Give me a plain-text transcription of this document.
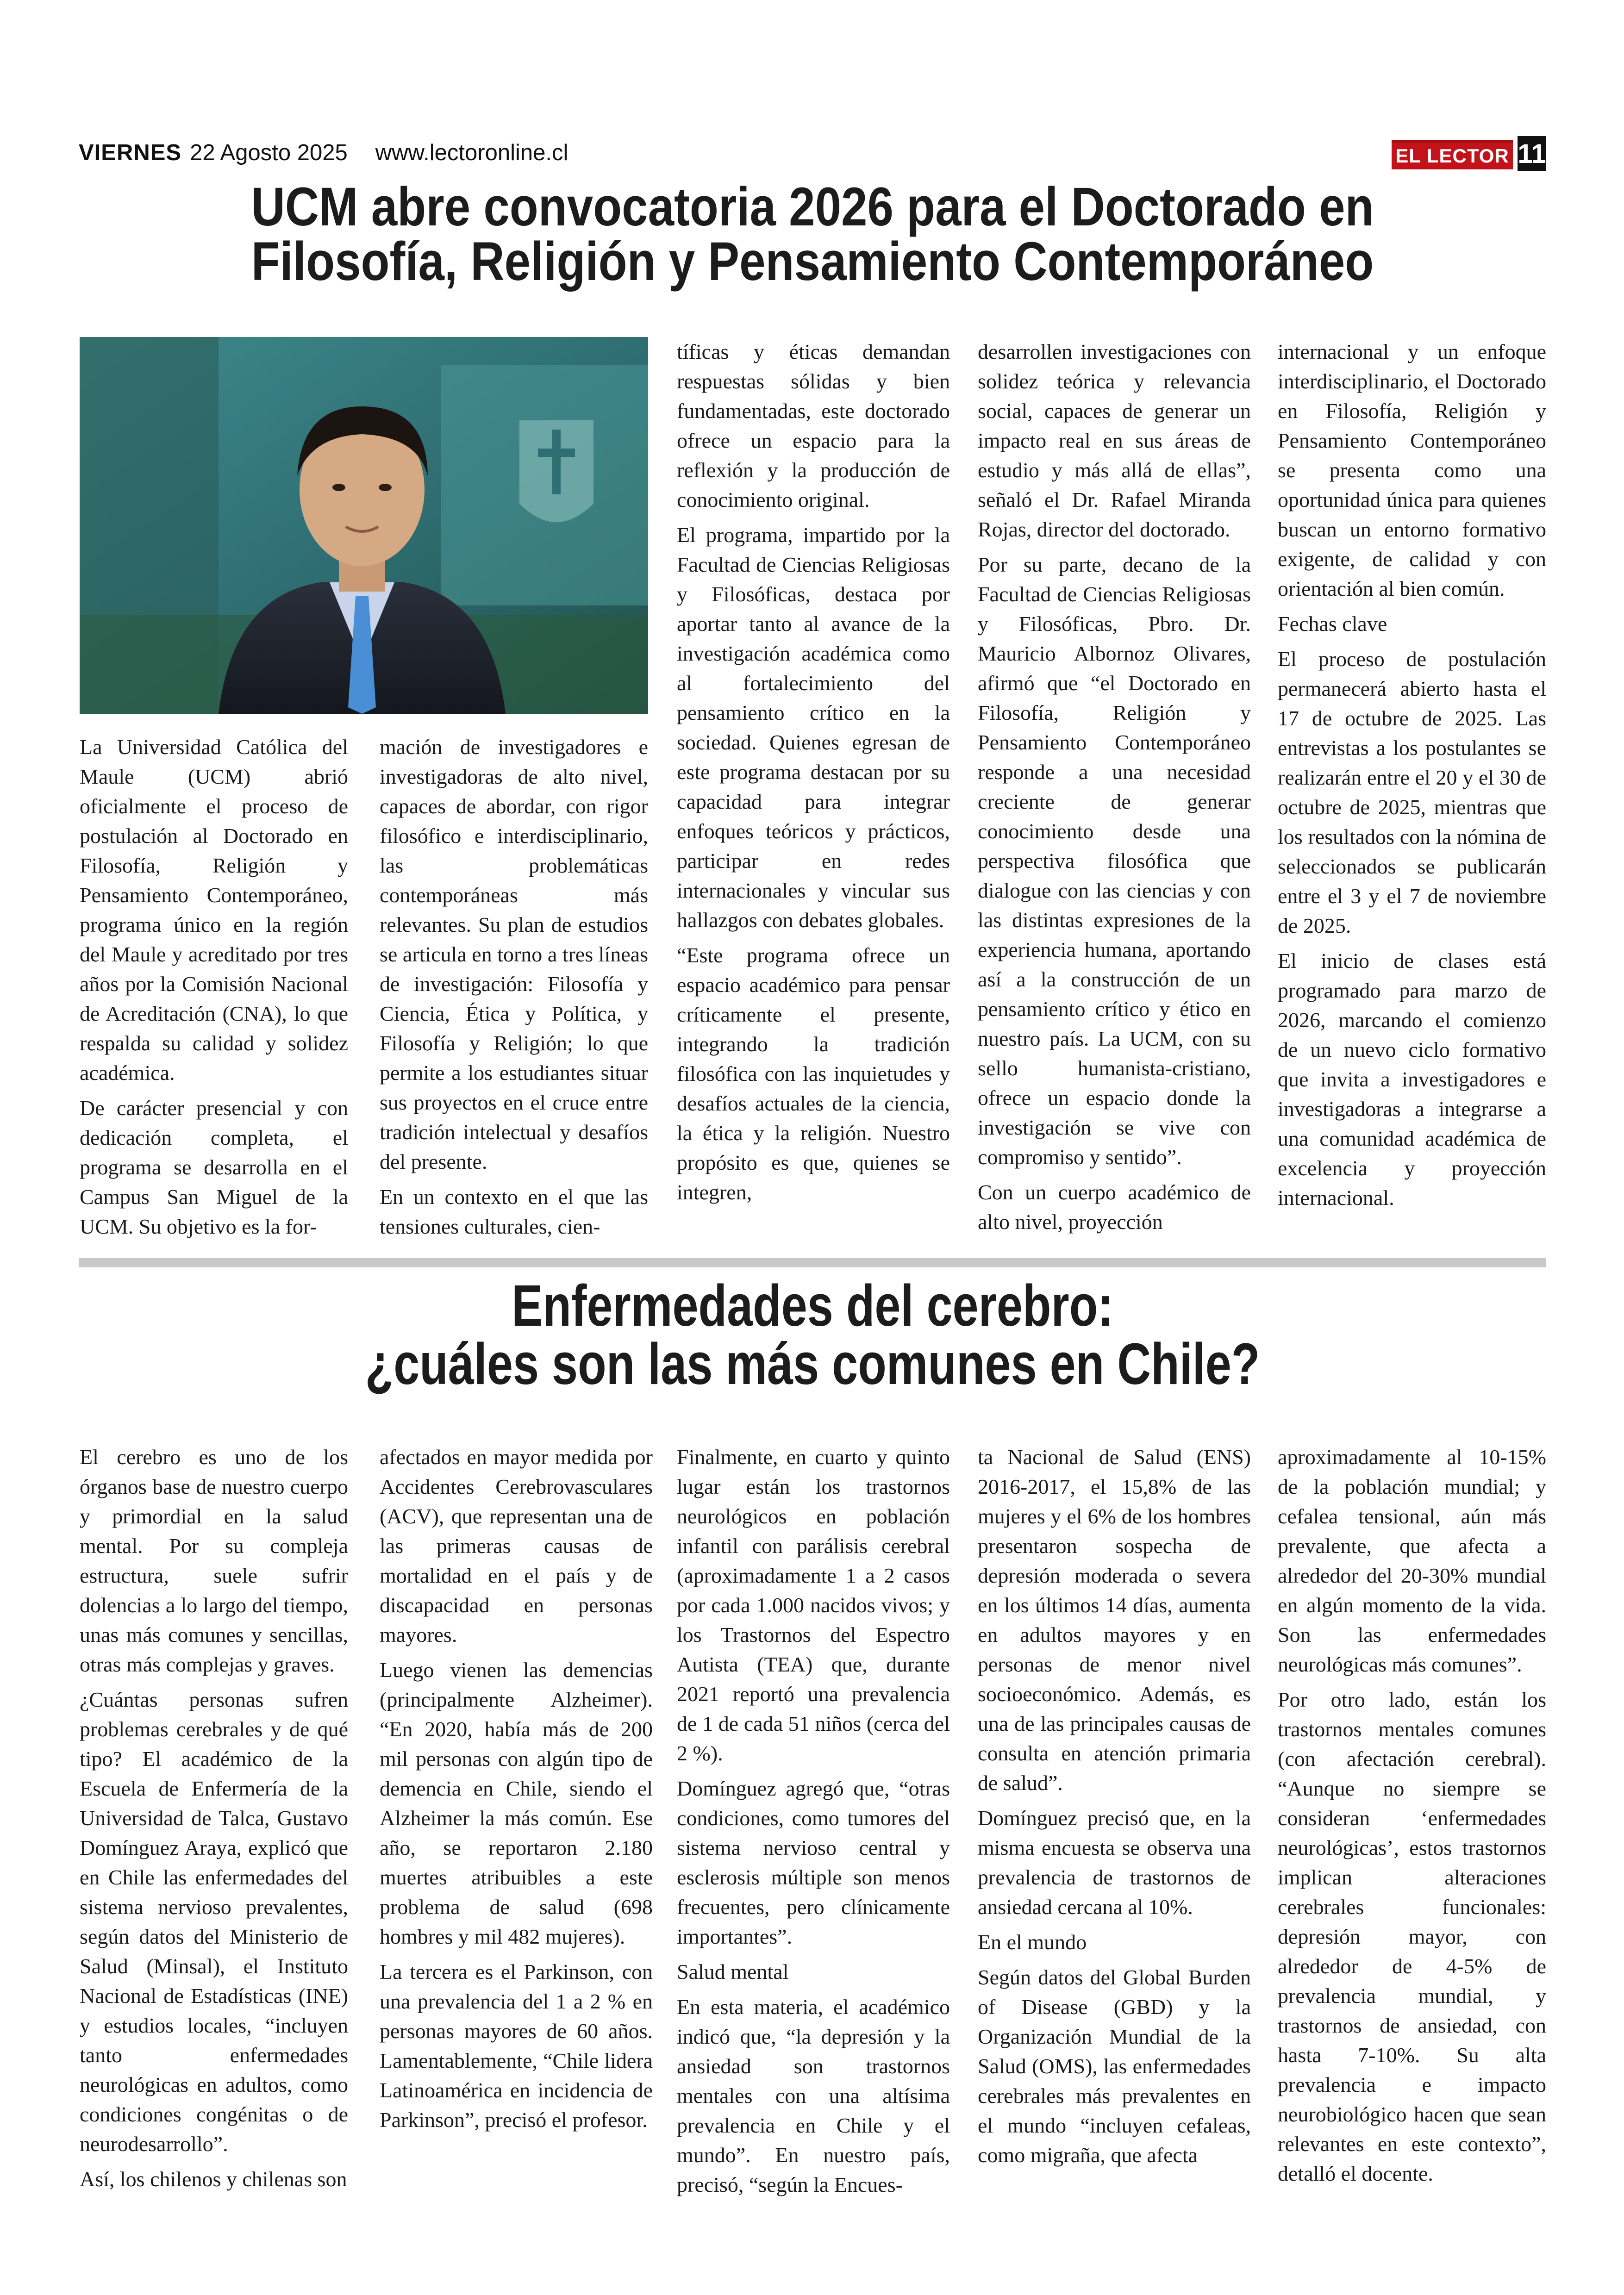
VIERNES 22 Agosto 2025 www.lectoronline.cl	EL LECTOR 11
UCM abre convocatoria 2026 para el Doctorado en
Filosofía, Religión y Pensamiento Contemporáneo

La Universidad Católica del Maule (UCM) abrió oficialmente el proceso de postulación al Doctorado en Filosofía, Religión y Pensamiento Contemporáneo, programa único en la región del Maule y acreditado por tres años por la Comisión Nacional de Acreditación (CNA), lo que respalda su calidad y solidez académica.

De carácter presencial y con dedicación completa, el programa se desarrolla en el Campus San Miguel de la UCM. Su objetivo es la for-

mación de investigadores e investigadoras de alto nivel, capaces de abordar, con rigor filosófico e interdisciplinario, las problemáticas contemporáneas más relevantes. Su plan de estudios se articula en torno a tres líneas de investigación: Filosofía y Ciencia, Ética y Política, y Filosofía y Religión; lo que permite a los estudiantes situar sus proyectos en el cruce entre tradición intelectual y desafíos del presente.

En un contexto en el que las tensiones culturales, cien-

tíficas y éticas demandan respuestas sólidas y bien fundamentadas, este doctorado ofrece un espacio para la reflexión y la producción de conocimiento original.

El programa, impartido por la Facultad de Ciencias Religiosas y Filosóficas, destaca por aportar tanto al avance de la investigación académica como al fortalecimiento del pensamiento crítico en la sociedad. Quienes egresan de este programa destacan por su capacidad para integrar enfoques teóricos y prácticos, participar en redes internacionales y vincular sus hallazgos con debates globales.

“Este programa ofrece un espacio académico para pensar críticamente el presente, integrando la tradición filosófica con las inquietudes y desafíos actuales de la ciencia, la ética y la religión. Nuestro propósito es que, quienes se integren,

desarrollen investigaciones con solidez teórica y relevancia social, capaces de generar un impacto real en sus áreas de estudio y más allá de ellas”, señaló el Dr. Rafael Miranda Rojas, director del doctorado.

Por su parte, decano de la Facultad de Ciencias Religiosas y Filosóficas, Pbro. Dr. Mauricio Albornoz Olivares, afirmó que “el Doctorado en Filosofía, Religión y Pensamiento Contemporáneo responde a una necesidad creciente de generar conocimiento desde una perspectiva filosófica que dialogue con las ciencias y con las distintas expresiones de la experiencia humana, aportando así a la construcción de un pensamiento crítico y ético en nuestro país. La UCM, con su sello humanista-cristiano, ofrece un espacio donde la investigación se vive con compromiso y sentido”.

Con un cuerpo académico de alto nivel, proyección

internacional y un enfoque interdisciplinario, el Doctorado en Filosofía, Religión y Pensamiento Contemporáneo se presenta como una oportunidad única para quienes buscan un entorno formativo exigente, de calidad y con orientación al bien común.

Fechas clave

El proceso de postulación permanecerá abierto hasta el 17 de octubre de 2025. Las entrevistas a los postulantes se realizarán entre el 20 y el 30 de octubre de 2025, mientras que los resultados con la nómina de seleccionados se publicarán entre el 3 y el 7 de noviembre de 2025.

El inicio de clases está programado para marzo de 2026, marcando el comienzo de un nuevo ciclo formativo que invita a investigadores e investigadoras a integrarse a una comunidad académica de excelencia y proyección internacional.

Enfermedades del cerebro:
¿cuáles son las más comunes en Chile?

El cerebro es uno de los órganos base de nuestro cuerpo y primordial en la salud mental. Por su compleja estructura, suele sufrir dolencias a lo largo del tiempo, unas más comunes y sencillas, otras más complejas y graves.

¿Cuántas personas sufren problemas cerebrales y de qué tipo? El académico de la Escuela de Enfermería de la Universidad de Talca, Gustavo Domínguez Araya, explicó que en Chile las enfermedades del sistema nervioso prevalentes, según datos del Ministerio de Salud (Minsal), el Instituto Nacional de Estadísticas (INE) y estudios locales, “incluyen tanto enfermedades neurológicas en adultos, como condiciones congénitas o de neurodesarrollo”.

Así, los chilenos y chilenas son

afectados en mayor medida por Accidentes Cerebrovasculares (ACV), que representan una de las primeras causas de mortalidad en el país y de discapacidad en personas mayores.

Luego vienen las demencias (principalmente Alzheimer). “En 2020, había más de 200 mil personas con algún tipo de demencia en Chile, siendo el Alzheimer la más común. Ese año, se reportaron 2.180 muertes atribuibles a este problema de salud (698 hombres y mil 482 mujeres).

La tercera es el Parkinson, con una prevalencia del 1 a 2 % en personas mayores de 60 años. Lamentablemente, “Chile lidera Latinoamérica en incidencia de Parkinson”, precisó el profesor.

Finalmente, en cuarto y quinto lugar están los trastornos neurológicos en población infantil con parálisis cerebral (aproximadamente 1 a 2 casos por cada 1.000 nacidos vivos; y los Trastornos del Espectro Autista (TEA) que, durante 2021 reportó una prevalencia de 1 de cada 51 niños (cerca del 2 %).

Domínguez agregó que, “otras condiciones, como tumores del sistema nervioso central y esclerosis múltiple son menos frecuentes, pero clínicamente importantes”.

Salud mental

En esta materia, el académico indicó que, “la depresión y la ansiedad son trastornos mentales con una altísima prevalencia en Chile y el mundo”. En nuestro país, precisó, “según la Encues-

ta Nacional de Salud (ENS) 2016-2017, el 15,8% de las mujeres y el 6% de los hombres presentaron sospecha de depresión moderada o severa en los últimos 14 días, aumenta en adultos mayores y en personas de menor nivel socioeconómico. Además, es una de las principales causas de consulta en atención primaria de salud”.

Domínguez precisó que, en la misma encuesta se observa una prevalencia de trastornos de ansiedad cercana al 10%.

En el mundo

Según datos del Global Burden of Disease (GBD) y la Organización Mundial de la Salud (OMS), las enfermedades cerebrales más prevalentes en el mundo “incluyen cefaleas, como migraña, que afecta

aproximadamente al 10-15% de la población mundial; y cefalea tensional, aún más prevalente, que afecta a alrededor del 20-30% mundial en algún momento de la vida. Son las enfermedades neurológicas más comunes”.

Por otro lado, están los trastornos mentales comunes (con afectación cerebral). “Aunque no siempre se consideran ‘enfermedades neurológicas’, estos trastornos implican alteraciones cerebrales funcionales: depresión mayor, con alrededor de 4-5% de prevalencia mundial, y trastornos de ansiedad, con hasta 7-10%. Su alta prevalencia e impacto neurobiológico hacen que sean relevantes en este contexto”, detalló el docente.
